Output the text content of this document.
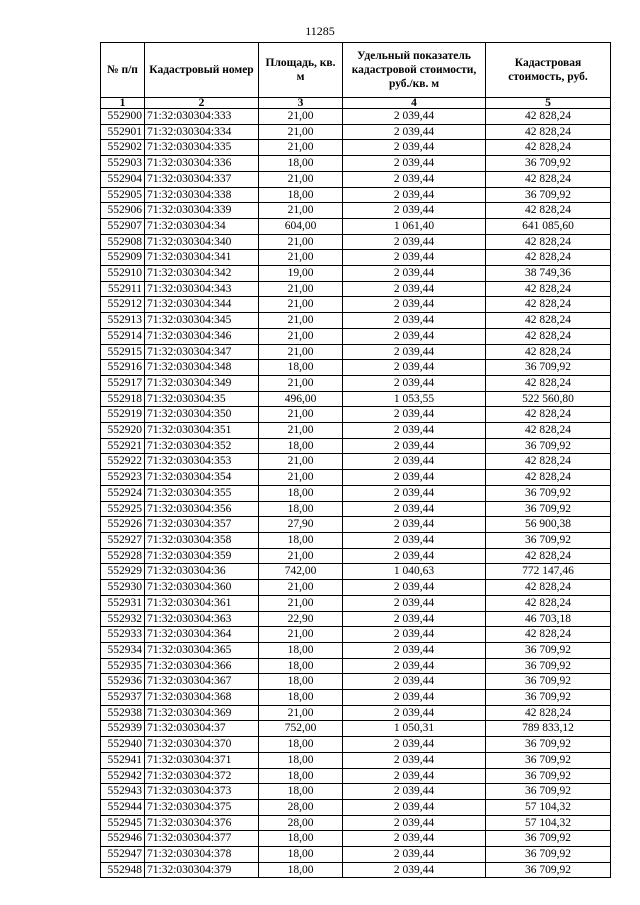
11285
№ п/п	Кадастровый номер	Площадь, кв. м	Удельный показатель кадастровой стоимости, руб./кв. м	Кадастровая стоимость, руб.
1	2	3	4	5
552900	71:32:030304:333	21,00	2 039,44	42 828,24
552901	71:32:030304:334	21,00	2 039,44	42 828,24
552902	71:32:030304:335	21,00	2 039,44	42 828,24
552903	71:32:030304:336	18,00	2 039,44	36 709,92
552904	71:32:030304:337	21,00	2 039,44	42 828,24
552905	71:32:030304:338	18,00	2 039,44	36 709,92
552906	71:32:030304:339	21,00	2 039,44	42 828,24
552907	71:32:030304:34	604,00	1 061,40	641 085,60
552908	71:32:030304:340	21,00	2 039,44	42 828,24
552909	71:32:030304:341	21,00	2 039,44	42 828,24
552910	71:32:030304:342	19,00	2 039,44	38 749,36
552911	71:32:030304:343	21,00	2 039,44	42 828,24
552912	71:32:030304:344	21,00	2 039,44	42 828,24
552913	71:32:030304:345	21,00	2 039,44	42 828,24
552914	71:32:030304:346	21,00	2 039,44	42 828,24
552915	71:32:030304:347	21,00	2 039,44	42 828,24
552916	71:32:030304:348	18,00	2 039,44	36 709,92
552917	71:32:030304:349	21,00	2 039,44	42 828,24
552918	71:32:030304:35	496,00	1 053,55	522 560,80
552919	71:32:030304:350	21,00	2 039,44	42 828,24
552920	71:32:030304:351	21,00	2 039,44	42 828,24
552921	71:32:030304:352	18,00	2 039,44	36 709,92
552922	71:32:030304:353	21,00	2 039,44	42 828,24
552923	71:32:030304:354	21,00	2 039,44	42 828,24
552924	71:32:030304:355	18,00	2 039,44	36 709,92
552925	71:32:030304:356	18,00	2 039,44	36 709,92
552926	71:32:030304:357	27,90	2 039,44	56 900,38
552927	71:32:030304:358	18,00	2 039,44	36 709,92
552928	71:32:030304:359	21,00	2 039,44	42 828,24
552929	71:32:030304:36	742,00	1 040,63	772 147,46
552930	71:32:030304:360	21,00	2 039,44	42 828,24
552931	71:32:030304:361	21,00	2 039,44	42 828,24
552932	71:32:030304:363	22,90	2 039,44	46 703,18
552933	71:32:030304:364	21,00	2 039,44	42 828,24
552934	71:32:030304:365	18,00	2 039,44	36 709,92
552935	71:32:030304:366	18,00	2 039,44	36 709,92
552936	71:32:030304:367	18,00	2 039,44	36 709,92
552937	71:32:030304:368	18,00	2 039,44	36 709,92
552938	71:32:030304:369	21,00	2 039,44	42 828,24
552939	71:32:030304:37	752,00	1 050,31	789 833,12
552940	71:32:030304:370	18,00	2 039,44	36 709,92
552941	71:32:030304:371	18,00	2 039,44	36 709,92
552942	71:32:030304:372	18,00	2 039,44	36 709,92
552943	71:32:030304:373	18,00	2 039,44	36 709,92
552944	71:32:030304:375	28,00	2 039,44	57 104,32
552945	71:32:030304:376	28,00	2 039,44	57 104,32
552946	71:32:030304:377	18,00	2 039,44	36 709,92
552947	71:32:030304:378	18,00	2 039,44	36 709,92
552948	71:32:030304:379	18,00	2 039,44	36 709,92
